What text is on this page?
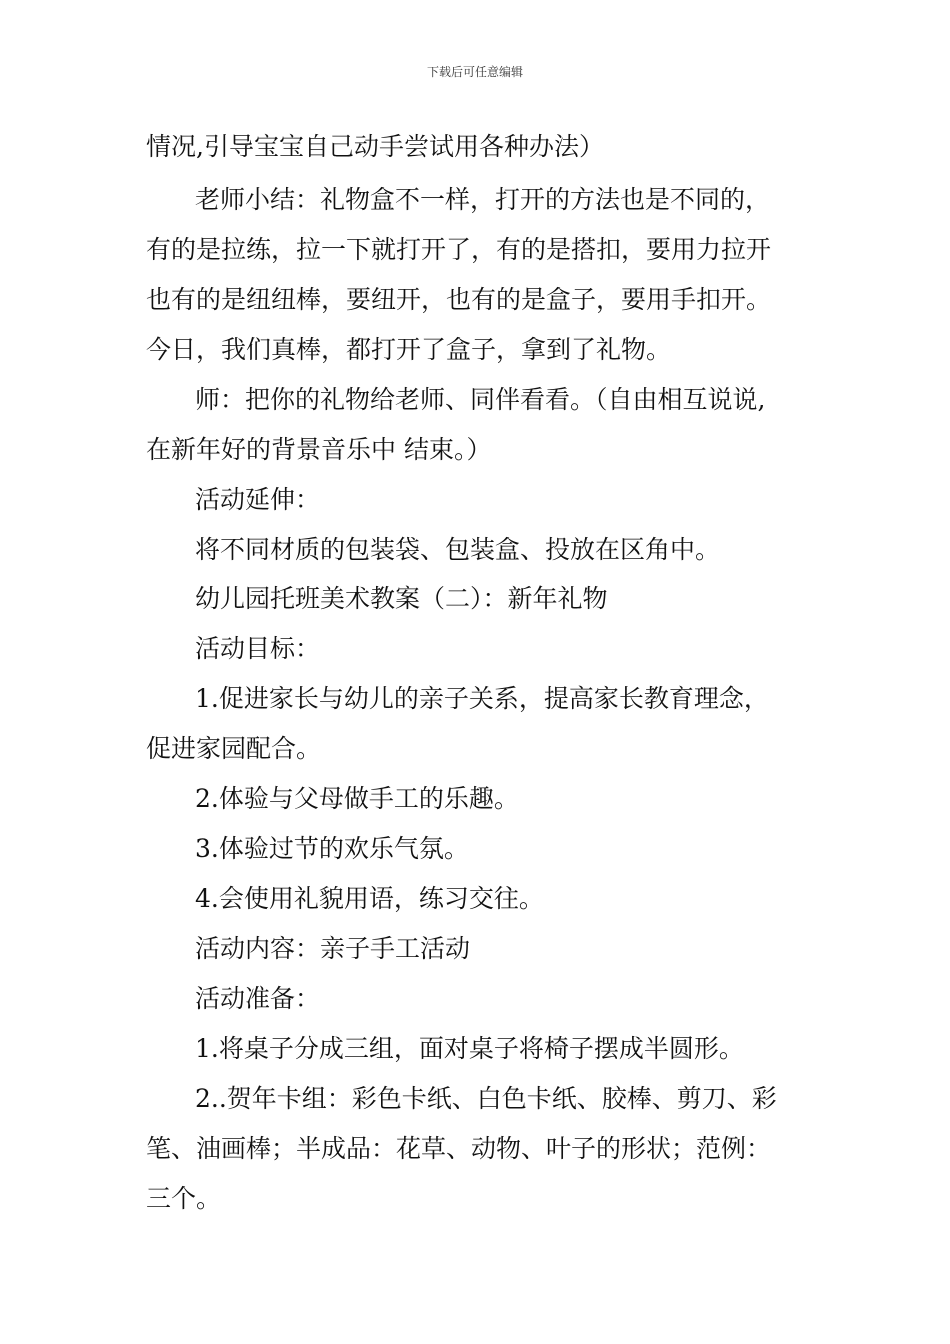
下载后可任意编辑
情况,引导宝宝自己动手尝试用各种办法）
老师小结：礼物盒不一样，打开的方法也是不同的，
有的是拉练，拉一下就打开了，有的是搭扣，要用力拉开
也有的是纽纽棒，要纽开，也有的是盒子，要用手扣开。
今日，我们真棒，都打开了盒子，拿到了礼物。
师：把你的礼物给老师、同伴看看。（自由相互说说,
在新年好的背景音乐中 结束。）
活动延伸：
将不同材质的包装袋、包装盒、投放在区角中。
幼儿园托班美术教案（二）：新年礼物
活动目标：
1.促进家长与幼儿的亲子关系，提高家长教育理念，
促进家园配合。
2.体验与父母做手工的乐趣。
3.体验过节的欢乐气氛。
4.会使用礼貌用语，练习交往。
活动内容：亲子手工活动
活动准备：
1.将桌子分成三组，面对桌子将椅子摆成半圆形。
2..贺年卡组：彩色卡纸、白色卡纸、胶棒、剪刀、彩
笔、油画棒；半成品：花草、动物、叶子的形状；范例：
三个。
